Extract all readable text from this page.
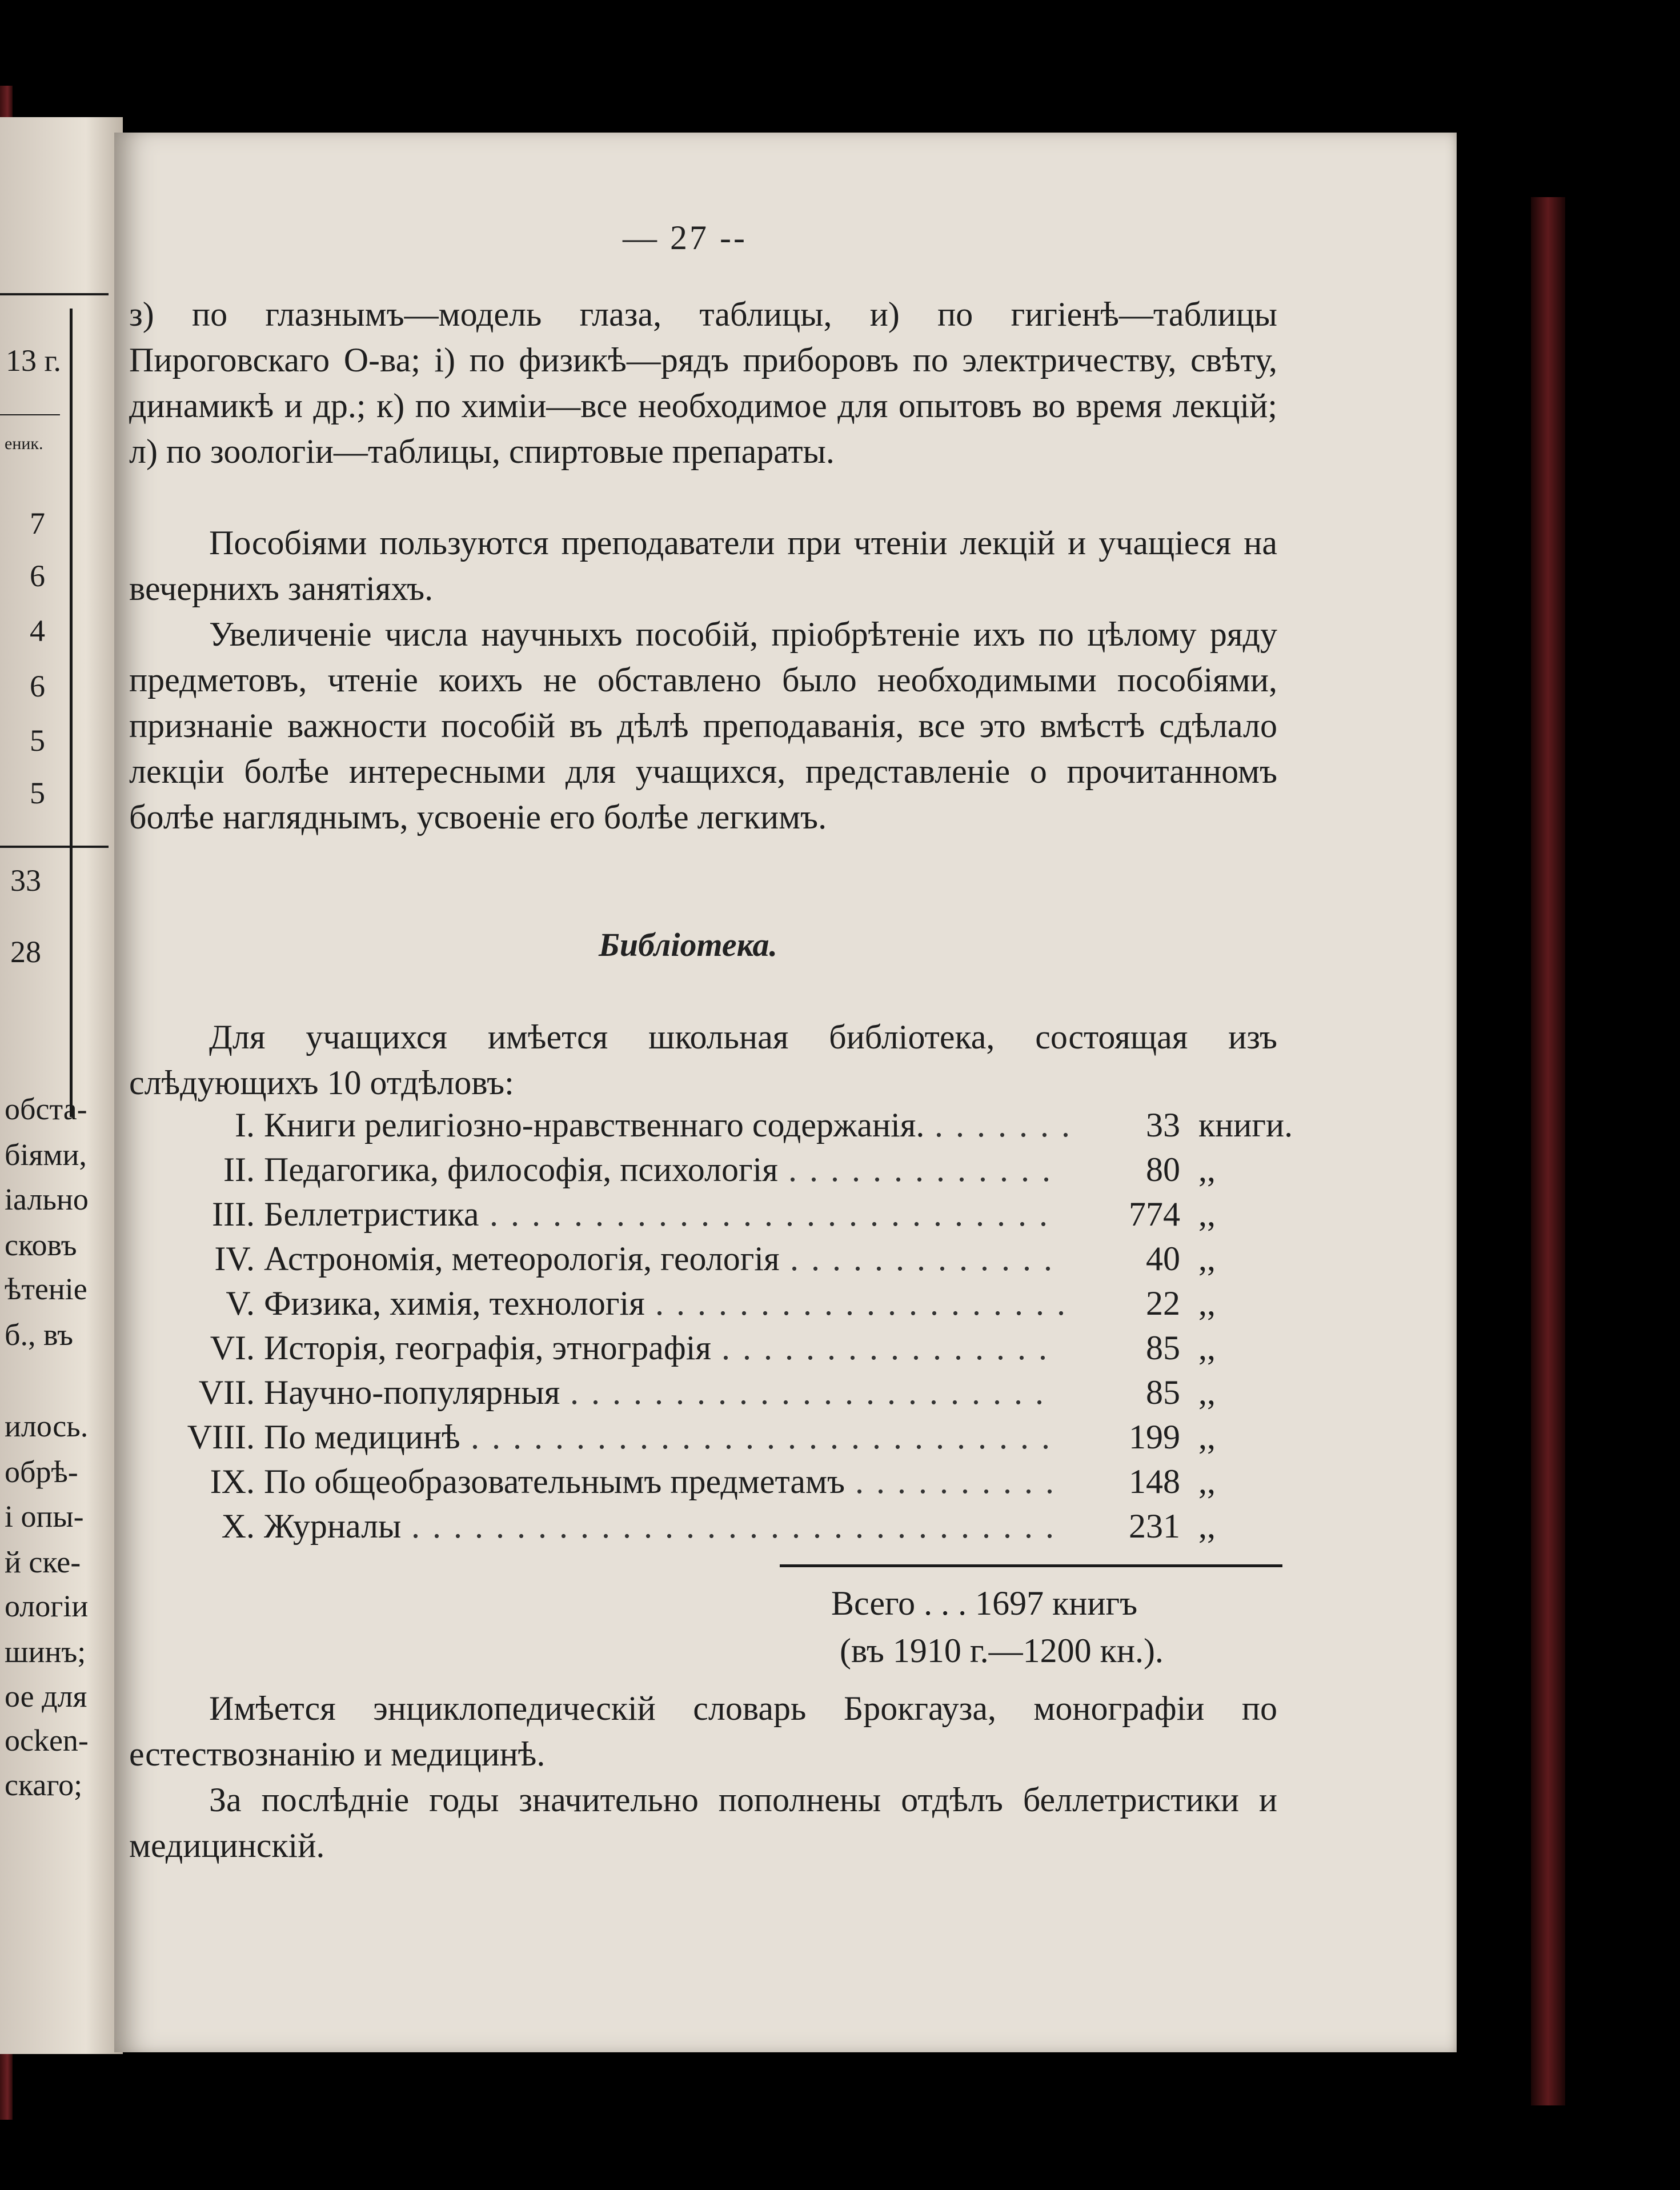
13 г.
еник.
7
6
4
6
5
5
33
28
обста-
біями,
іально
сковъ
ѣтеніе
б., въ
илось.
обрѣ-
і опы-
й ске-
ологіи
шинъ;
ое для
ocken-
скаго;
— 27 --
з) по глазнымъ—модель глаза, таблицы, и) по гигіенѣ—таблицы Пироговскаго О-ва; і) по физикѣ—рядъ приборовъ по электричеству, свѣту, динамикѣ и др.; к) по химіи—все необходимое для опытовъ во время лекцій; л) по зоологіи—таблицы, спиртовые препараты.
Пособіями пользуются преподаватели при чтеніи лекцій и учащіеся на вечернихъ занятіяхъ.
Увеличеніе числа научныхъ пособій, пріобрѣтеніе ихъ по цѣлому ряду предметовъ, чтеніе коихъ не обставлено было необходимыми пособіями, признаніе важности пособій въ дѣлѣ преподаванія, все это вмѣстѣ сдѣлало лекціи болѣе интересными для учащихся, представленіе о прочитанномъ болѣе нагляднымъ, усвоеніе его болѣе легкимъ.
Библіотека.
Для учащихся имѣется школьная библіотека, состоящая изъ слѣдующихъ 10 отдѣловъ:
I. Книги религіозно-нравственнаго содержанія.	33 книги.
.......
II. Педагогика, философія, психологія	80 ,,
.............
III. Беллетристика	774 ,,
...........................
IV. Астрономія, метеорологія, геологія	40 ,,
.............
V. Физика, химія, технологія	22 ,,
....................
VI. Исторія, географія, этнографія	85 ,,
................
VII. Научно-популярныя	85 ,,
.......................
VIII. По медицинѣ	199 ,,
............................
IX. По общеобразовательнымъ предметамъ	148 ,,
..........
X. Журналы	231 ,,
...............................
Всего . . . 1697 книгъ
(въ 1910 г.—1200 кн.).
Имѣется энциклопедическій словарь Брокгауза, монографіи по естествознанію и медицинѣ.
За послѣдніе годы значительно пополнены отдѣлъ беллетристики и медицинскій.
